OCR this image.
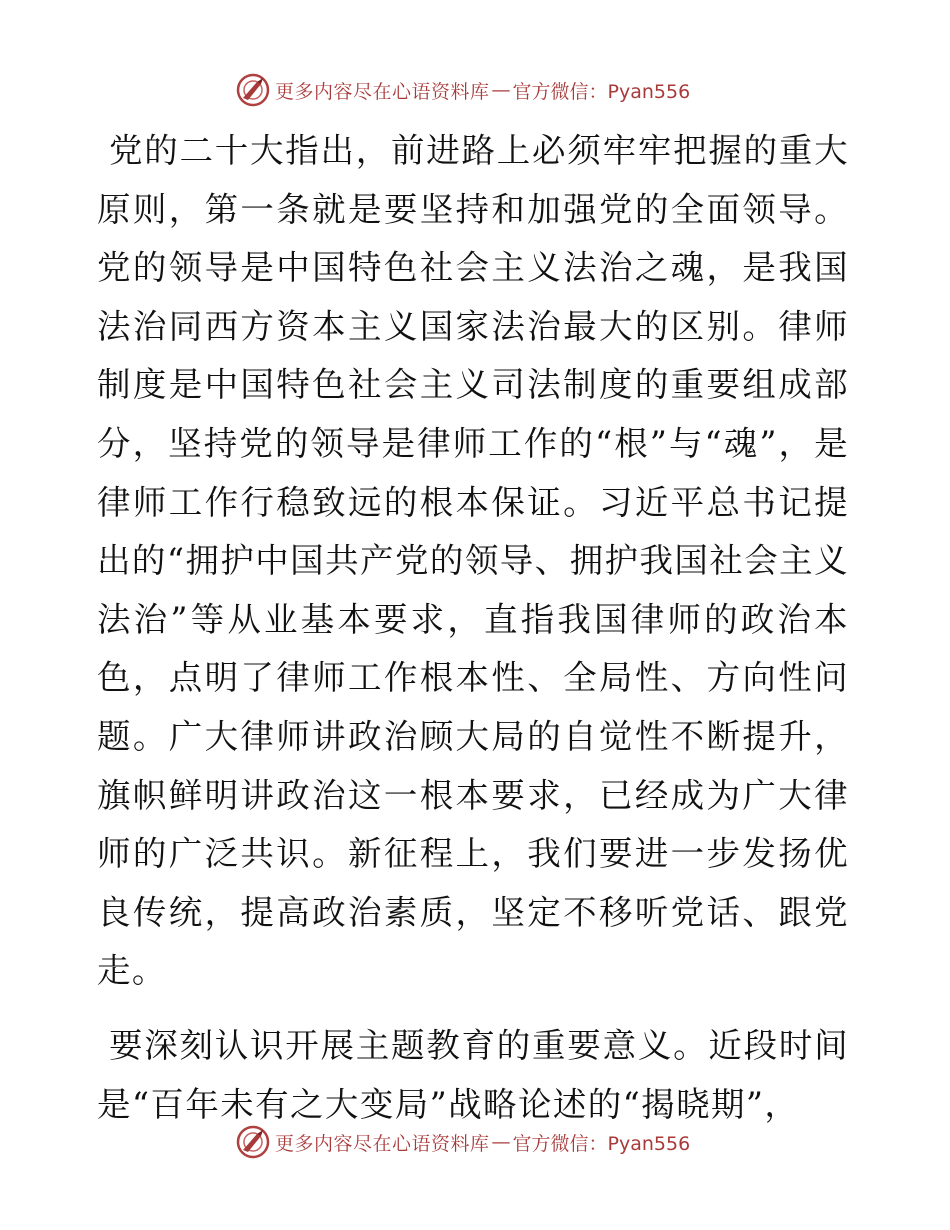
更多内容尽在心语资料库 — 官方微信：Pyan556

党的二十大指出，前进路上必须牢牢把握的重大原则，第一条就是要坚持和加强党的全面领导。党的领导是中国特色社会主义法治之魂，是我国法治同西方资本主义国家法治最大的区别。律师制度是中国特色社会主义司法制度的重要组成部分，坚持党的领导是律师工作的“根”与“魂”，是律师工作行稳致远的根本保证。习近平总书记提出的“拥护中国共产党的领导、拥护我国社会主义法治”等从业基本要求，直指我国律师的政治本色，点明了律师工作根本性、全局性、方向性问题。广大律师讲政治顾大局的自觉性不断提升，旗帜鲜明讲政治这一根本要求，已经成为广大律师的广泛共识。新征程上，我们要进一步发扬优良传统，提高政治素质，坚定不移听党话、跟党走。

要深刻认识开展主题教育的重要意义。近段时间是“百年未有之大变局”战略论述的“揭晓期”，

更多内容尽在心语资料库 — 官方微信：Pyan556
